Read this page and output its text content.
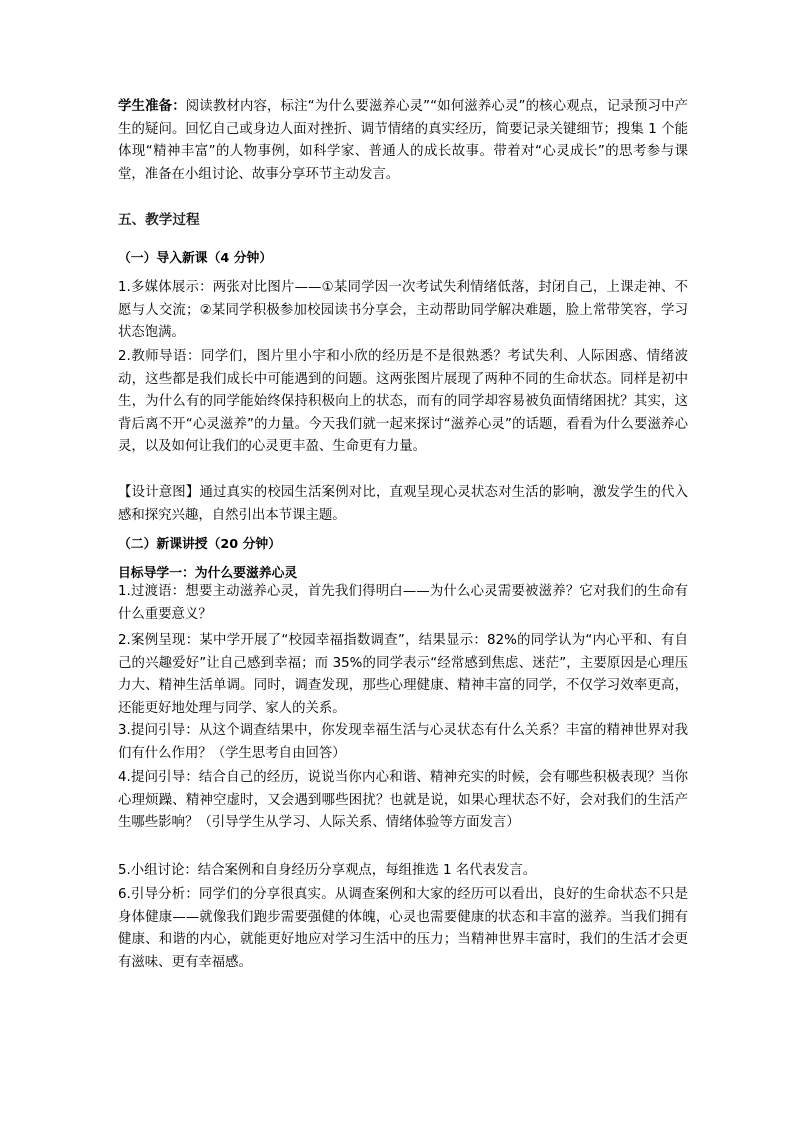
学生准备：阅读教材内容，标注“为什么要滋养心灵”“如何滋养心灵”的核心观点，记录预习中产生的疑问。回忆自己或身边人面对挫折、调节情绪的真实经历，简要记录关键细节；搜集 1 个能体现“精神丰富”的人物事例，如科学家、普通人的成长故事。带着对“心灵成长”的思考参与课堂，准备在小组讨论、故事分享环节主动发言。

五、教学过程

（一）导入新课（4 分钟）

1.多媒体展示：两张对比图片——①某同学因一次考试失利情绪低落，封闭自己，上课走神、不愿与人交流；②某同学积极参加校园读书分享会，主动帮助同学解决难题，脸上常带笑容，学习状态饱满。

2.教师导语：同学们，图片里小宇和小欣的经历是不是很熟悉？考试失利、人际困惑、情绪波动，这些都是我们成长中可能遇到的问题。这两张图片展现了两种不同的生命状态。同样是初中生，为什么有的同学能始终保持积极向上的状态，而有的同学却容易被负面情绪困扰？其实，这背后离不开“心灵滋养”的力量。今天我们就一起来探讨“滋养心灵”的话题，看看为什么要滋养心灵，以及如何让我们的心灵更丰盈、生命更有力量。

【设计意图】通过真实的校园生活案例对比，直观呈现心灵状态对生活的影响，激发学生的代入感和探究兴趣，自然引出本节课主题。

（二）新课讲授（20 分钟）

目标导学一：为什么要滋养心灵

1.过渡语：想要主动滋养心灵，首先我们得明白——为什么心灵需要被滋养？它对我们的生命有什么重要意义？

2.案例呈现：某中学开展了“校园幸福指数调查”，结果显示：82%的同学认为“内心平和、有自己的兴趣爱好”让自己感到幸福；而 35%的同学表示“经常感到焦虑、迷茫”，主要原因是心理压力大、精神生活单调。同时，调查发现，那些心理健康、精神丰富的同学，不仅学习效率更高，还能更好地处理与同学、家人的关系。

3.提问引导：从这个调查结果中，你发现幸福生活与心灵状态有什么关系？丰富的精神世界对我们有什么作用？（学生思考自由回答）

4.提问引导：结合自己的经历，说说当你内心和谐、精神充实的时候，会有哪些积极表现？当你心理烦躁、精神空虚时，又会遇到哪些困扰？也就是说，如果心理状态不好，会对我们的生活产生哪些影响？（引导学生从学习、人际关系、情绪体验等方面发言）

5.小组讨论：结合案例和自身经历分享观点，每组推选 1 名代表发言。

6.引导分析：同学们的分享很真实。从调查案例和大家的经历可以看出，良好的生命状态不只是身体健康——就像我们跑步需要强健的体魄，心灵也需要健康的状态和丰富的滋养。当我们拥有健康、和谐的内心，就能更好地应对学习生活中的压力；当精神世界丰富时，我们的生活才会更有滋味、更有幸福感。
